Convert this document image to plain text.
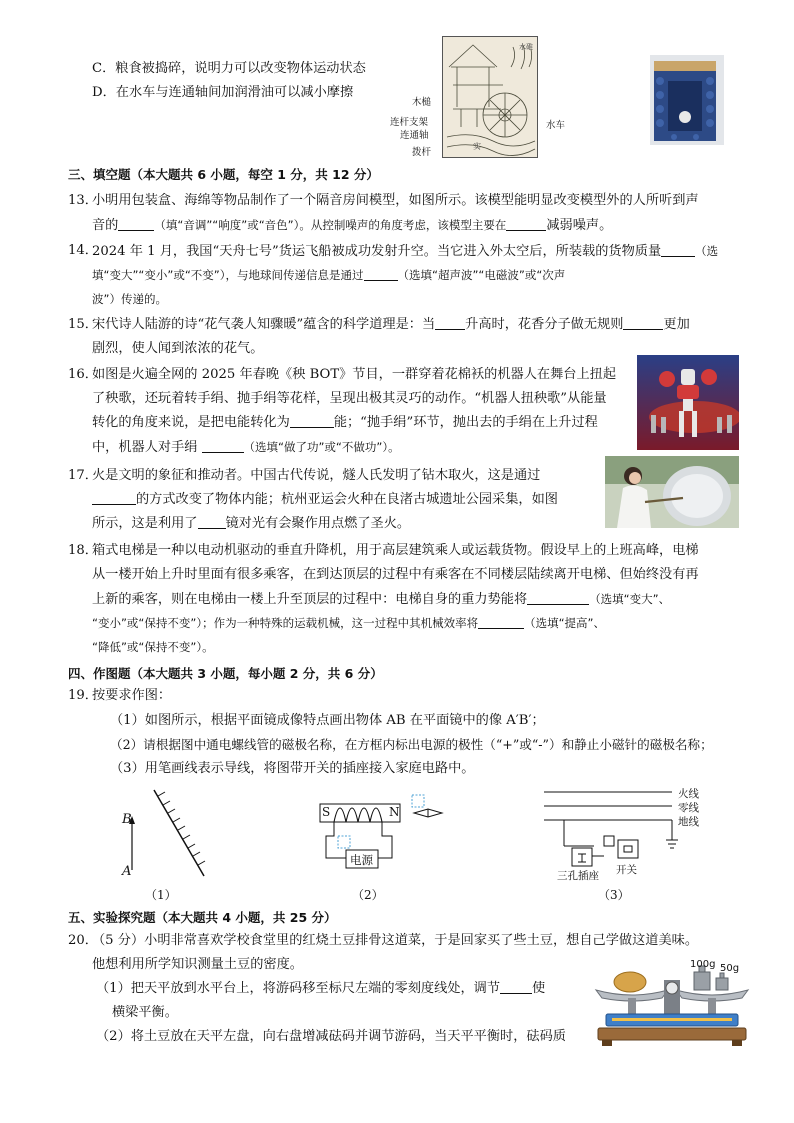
C．粮食被捣碎，说明力可以改变物体运动状态
D．在水车与连通轴间加润滑油可以减小摩擦
水碓
实
木槌
连杆支架
连通轴
拨杆
水车
三、填空题（本大题共 6 小题，每空 1 分，共 12 分）
13．
小明用包装盒、海绵等物品制作了一个隔音房间模型，如图所示。该模型能明显改变模型外的人所听到声
音的	（填“音调”“响度”或“音色”）。从控制噪声的角度考虑，该模型主要在	减弱噪声。
14．
2024 年 1 月，我国“天舟七号”货运飞船被成功发射升空。当它进入外太空后，所装载的货物质量	（选
填“变大”“变小”或“不变”），与地球间传递信息是通过	（选填“超声波”“电磁波”或“次声
波”）传递的。
15．
宋代诗人陆游的诗“花气袭人知骤暖”蕴含的科学道理是：当 升高时，花香分子做无规则	更加
剧烈，使人闻到浓浓的花气。
16．
如图是火遍全网的 2025 年春晚《秧 BOT》节目，一群穿着花棉袄的机器人在舞台上扭起
了秧歌，还玩着转手绢、抛手绢等花样，呈现出极其灵巧的动作。“机器人扭秧歌”从能量
转化的角度来说，是把电能转化为	能；“抛手绢”环节，抛出去的手绢在上升过程
中，机器人对手绢	（选填“做了功”或“不做功”）。
17．
火是文明的象征和推动者。中国古代传说，燧人氏发明了钻木取火，这是通过
的方式改变了物体内能；杭州亚运会火种在良渚古城遗址公园采集，如图
所示，这是利用了 镜对光有会聚作用点燃了圣火。
18．
箱式电梯是一种以电动机驱动的垂直升降机，用于高层建筑乘人或运载货物。假设早上的上班高峰，电梯
从一楼开始上升时里面有很多乘客，在到达顶层的过程中有乘客在不同楼层陆续离开电梯、但始终没有再
上新的乘客，则在电梯由一楼上升至顶层的过程中：电梯自身的重力势能将	（选填“变大”、
“变小”或“保持不变”）；作为一种特殊的运载机械，这一过程中其机械效率将	（选填“提高”、
“降低”或“保持不变”）。
四、作图题（本大题共 3 小题，每小题 2 分，共 6 分）
19．
按要求作图：
（1）如图所示，根据平面镜成像特点画出物体 AB 在平面镜中的像 A′B′；
（2）请根据图中通电螺线管的磁极名称，在方框内标出电源的极性（“+”或“-”）和静止小磁针的磁极名称；
（3）用笔画线表示导线，将图带开关的插座接入家庭电路中。
B
A
（1）
S	N
电源
（2）
火线
零线
地线
三孔插座 开关
（3）
五、实验探究题（本大题共 4 小题，共 25 分）
20．
（5 分）小明非常喜欢学校食堂里的红烧土豆排骨这道菜，于是回家买了些土豆，想自己学做这道美味。
他想利用所学知识测量土豆的密度。
（1）把天平放到水平台上，将游码移至标尺左端的零刻度线处，调节 使
横梁平衡。
（2）将土豆放在天平左盘，向右盘增减砝码并调节游码，当天平平衡时，砝码质
100g 50g
